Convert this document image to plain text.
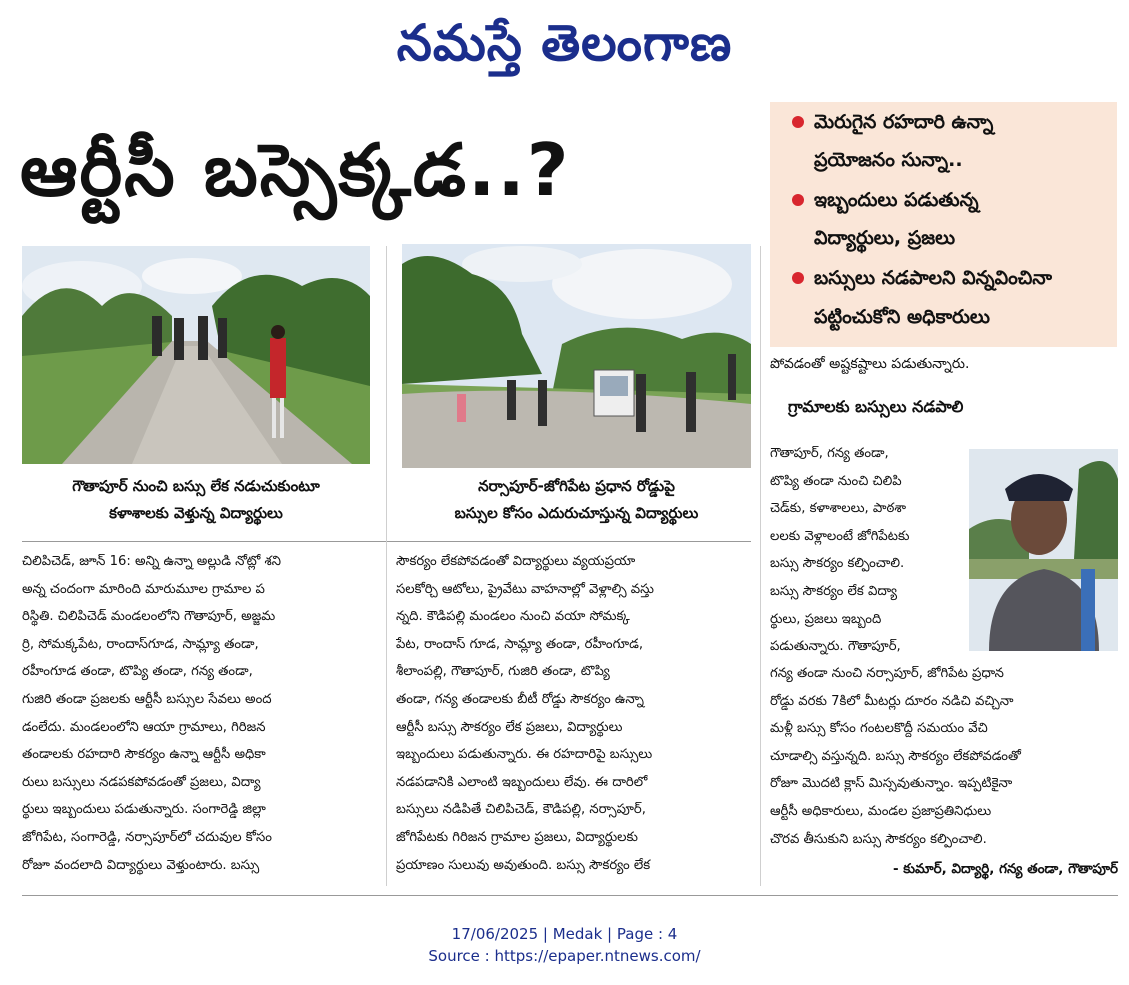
నమస్తే తెలంగాణ
ఆర్టీసీ బస్సెక్కడ..?
మెరుగైన రహదారి ఉన్నా
ప్రయోజనం సున్నా..
ఇబ్బందులు పడుతున్న
విద్యార్థులు, ప్రజలు
బస్సులు నడపాలని విన్నవించినా
పట్టించుకోని అధికారులు
గౌతాపూర్ నుంచి బస్సు లేక నడుచుకుంటూ
కళాశాలకు వెళ్తున్న విద్యార్థులు
నర్సాపూర్-జోగిపేట ప్రధాన రోడ్డుపై
బస్సుల కోసం ఎదురుచూస్తున్న విద్యార్థులు
పోవడంతో అష్టకష్టాలు పడుతున్నారు.
గ్రామాలకు బస్సులు నడపాలి
చిలిపిచెడ్, జూన్ 16: అన్ని ఉన్నా అల్లుడి నోట్లో శని
అన్న చందంగా మారింది మారుమూల గ్రామాల ప
రిస్థితి. చిలిపిచెడ్ మండలంలోని గౌతాపూర్, అజ్జమ
ర్రి, సోమక్కపేట, రాందాస్‌గూడ, సామ్ల్యా తండా,
రహీంగూడ తండా, టొప్యి తండా, గన్య తండా,
గుజిరి తండా ప్రజలకు ఆర్టీసీ బస్సుల సేవలు అంద
డంలేదు. మండలంలోని ఆయా గ్రామాలు, గిరిజన
తండాలకు రహదారి సౌకర్యం ఉన్నా ఆర్టీసీ అధికా
రులు బస్సులు నడపకపోవడంతో ప్రజలు, విద్యా
ర్థులు ఇబ్బందులు పడుతున్నారు. సంగారెడ్డి జిల్లా
జోగిపేట, సంగారెడ్డి, నర్సాపూర్‌లో చదువుల కోసం
రోజూ వందలాది విద్యార్థులు వెళ్తుంటారు. బస్సు
సౌకర్యం లేకపోవడంతో విద్యార్థులు వ్యయప్రయా
సలకోర్చి ఆటోలు, ప్రైవేటు వాహనాల్లో వెళ్లాల్సి వస్తు
న్నది. కౌడిపల్లి మండలం నుంచి వయా సోమక్క
పేట, రాందాస్ గూడ, సామ్ల్యా తండా, రహీంగూడ,
శీలాంపల్లి, గౌతాపూర్, గుజిరి తండా, టొప్యి
తండా, గన్య తండాలకు బీటీ రోడ్డు సౌకర్యం ఉన్నా
ఆర్టీసీ బస్సు సౌకర్యం లేక ప్రజలు, విద్యార్థులు
ఇబ్బందులు పడుతున్నారు. ఈ రహదారిపై బస్సులు
నడపడానికి ఎలాంటి ఇబ్బందులు లేవు. ఈ దారిలో
బస్సులు నడిపితే చిలిపిచెడ్, కౌడిపల్లి, నర్సాపూర్,
జోగిపేటకు గిరిజన గ్రామాల ప్రజలు, విద్యార్థులకు
ప్రయాణం సులువు అవుతుంది. బస్సు సౌకర్యం లేక
గౌతాపూర్, గన్య తండా,
టొప్యి తండా నుంచి చిలిపి
చెడ్‌కు, కళాశాలలు, పాఠశా
లలకు వెళ్లాలంటే జోగిపేటకు
బస్సు సౌకర్యం కల్పించాలి.
బస్సు సౌకర్యం లేక విద్యా
ర్థులు, ప్రజలు ఇబ్బంది
పడుతున్నారు. గౌతాపూర్,
గన్య తండా నుంచి నర్సాపూర్, జోగిపేట ప్రధాన
రోడ్డు వరకు 7కిలో మీటర్లు దూరం నడిచి వచ్చినా
మళ్లీ బస్సు కోసం గంటలకొద్దీ సమయం వేచి
చూడాల్సి వస్తున్నది. బస్సు సౌకర్యం లేకపోవడంతో
రోజూ మొదటి క్లాస్ మిస్సవుతున్నాం. ఇప్పటికైనా
ఆర్టీసీ అధికారులు, మండల ప్రజాప్రతినిధులు
చొరవ తీసుకుని బస్సు సౌకర్యం కల్పించాలి.
- కుమార్, విద్యార్థి, గన్య తండా, గౌతాపూర్
17/06/2025 | Medak | Page : 4
Source : https://epaper.ntnews.com/
